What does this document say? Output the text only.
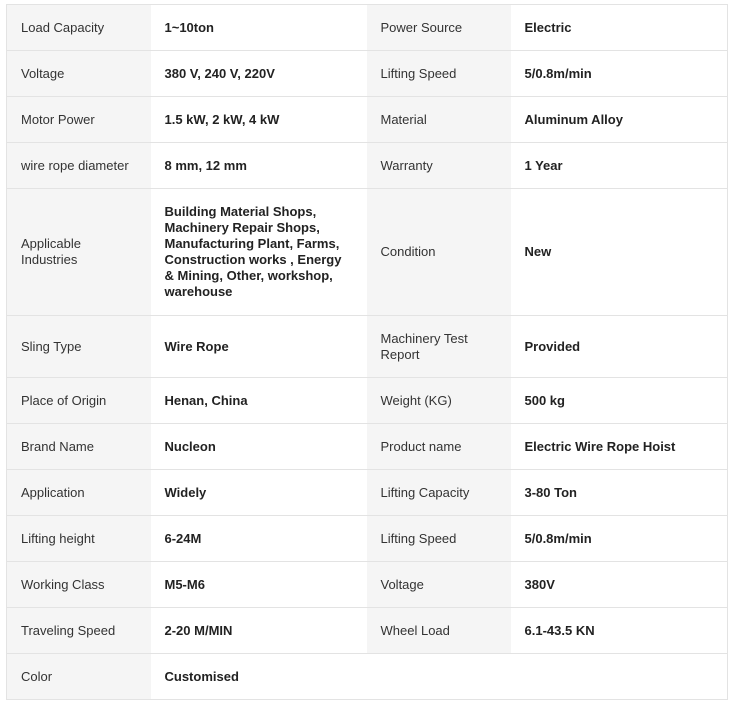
Load Capacity	1~10ton	Power Source	Electric
Voltage	380 V, 240 V, 220V	Lifting Speed	5/0.8m/min
Motor Power	1.5 kW, 2 kW, 4 kW	Material	Aluminum Alloy
wire rope diameter	8 mm, 12 mm	Warranty	1 Year
Applicable Industries	Building Material Shops, Machinery Repair Shops, Manufacturing Plant, Farms, Construction works , Energy & Mining, Other, workshop, warehouse	Condition	New
Sling Type	Wire Rope	Machinery Test Report	Provided
Place of Origin	Henan, China	Weight (KG)	500 kg
Brand Name	Nucleon	Product name	Electric Wire Rope Hoist
Application	Widely	Lifting Capacity	3-80 Ton
Lifting height	6-24M	Lifting Speed	5/0.8m/min
Working Class	M5-M6	Voltage	380V
Traveling Speed	2-20 M/MIN	Wheel Load	6.1-43.5 KN
Color	Customised		
